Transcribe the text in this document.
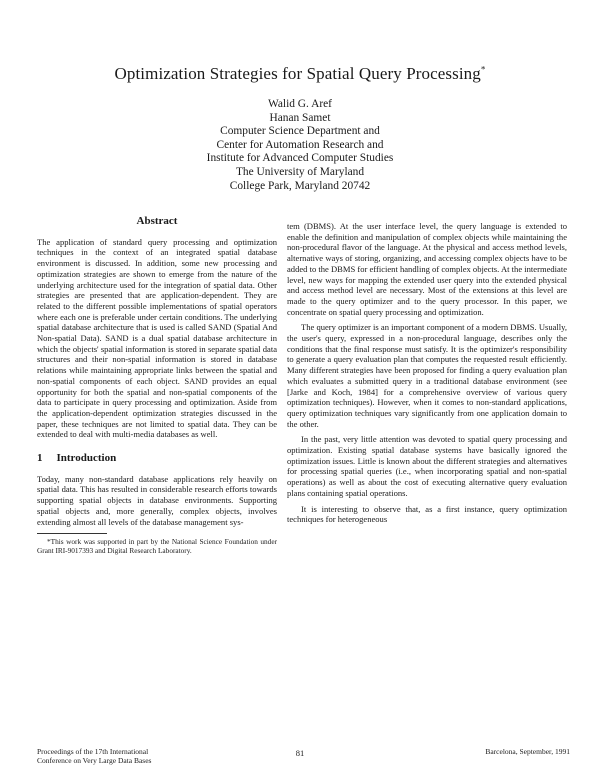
Optimization Strategies for Spatial Query Processing*
Walid G. Aref
Hanan Samet
Computer Science Department and
Center for Automation Research and
Institute for Advanced Computer Studies
The University of Maryland
College Park, Maryland 20742
Abstract

The application of standard query processing and optimization techniques in the context of an integrated spatial database environment is discussed. In addition, some new processing and optimization strategies are shown to emerge from the nature of the underlying architecture used for the integration of spatial data. Other strategies are presented that are application-dependent. They are related to the different possible implementations of spatial operators where each one is preferable under certain conditions. The underlying spatial database architecture that is used is called SAND (Spatial And Non-spatial Data). SAND is a dual spatial database architecture in which the objects' spatial information is stored in separate spatial data structures and their non-spatial information is stored in database relations while maintaining appropriate links between the spatial and non-spatial components of each object. SAND provides an equal opportunity for both the spatial and non-spatial components of the data to participate in query processing and optimization. Aside from the application-dependent optimization strategies discussed in the paper, these techniques are not limited to spatial data. They can be extended to deal with multi-media databases as well.

1 Introduction

Today, many non-standard database applications rely heavily on spatial data. This has resulted in considerable research efforts towards supporting spatial objects in database environments. Supporting spatial objects and, more generally, complex objects, involves extending almost all levels of the database management sys-

*This work was supported in part by the National Science Foundation under Grant IRI-9017393 and Digital Research Laboratory.

tem (DBMS). At the user interface level, the query language is extended to enable the definition and manipulation of complex objects while maintaining the non-procedural flavor of the language. At the physical and access method levels, alternative ways of storing, organizing, and accessing complex objects have to be added to the DBMS for efficient handling of complex objects. At the intermediate level, new ways for mapping the extended user query into the extended physical and access method level are necessary. Most of the extensions at this level are made to the query optimizer and to the query processor. In this paper, we concentrate on spatial query processing and optimization.

The query optimizer is an important component of a modern DBMS. Usually, the user's query, expressed in a non-procedural language, describes only the conditions that the final response must satisfy. It is the optimizer's responsibility to generate a query evaluation plan that computes the requested result efficiently. Many different strategies have been proposed for finding a query evaluation plan which evaluates a submitted query in a traditional database environment (see [Jarke and Koch, 1984] for a comprehensive overview of various query optimization techniques). However, when it comes to non-standard applications, query optimization techniques vary significantly from one application domain to the other.

In the past, very little attention was devoted to spatial query processing and optimization. Existing spatial database systems have basically ignored the optimization issues. Little is known about the different strategies and alternatives for processing spatial queries (i.e., when incorporating spatial and non-spatial operations) as well as about the cost of executing alternative query evaluation plans containing spatial operations.

It is interesting to observe that, as a first instance, query optimization techniques for heterogeneous

Proceedings of the 17th International
Conference on Very Large Data Bases
81	Barcelona, September, 1991
